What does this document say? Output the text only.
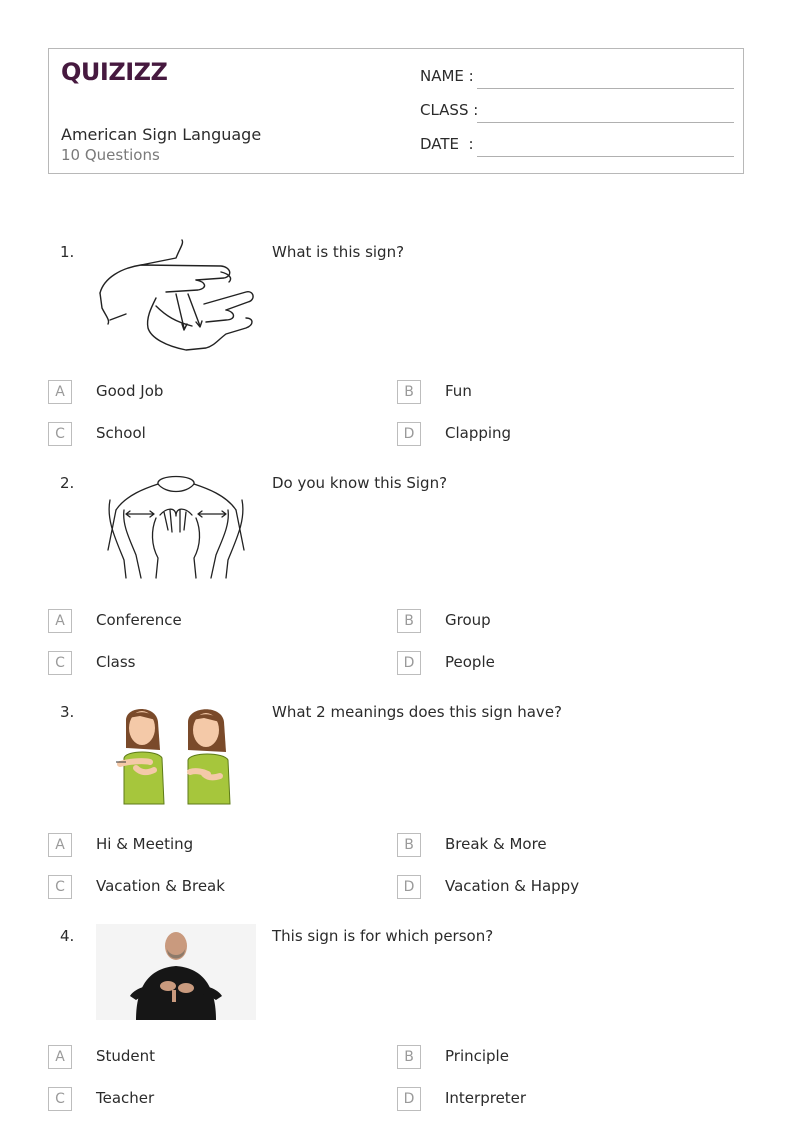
QUIZIZZ
American Sign Language
10 Questions
NAME :
CLASS :
DATE  :
1.	What is this sign?
A	Good Job	B	Fun
C	School	D	Clapping
2.	Do you know this Sign?
A	Conference	B	Group
C	Class	D	People
3.	What 2 meanings does this sign have?
A	Hi & Meeting	B	Break & More
C	Vacation & Break	D	Vacation & Happy
4.	This sign is for which person?
A	Student	B	Principle
C	Teacher	D	Interpreter
